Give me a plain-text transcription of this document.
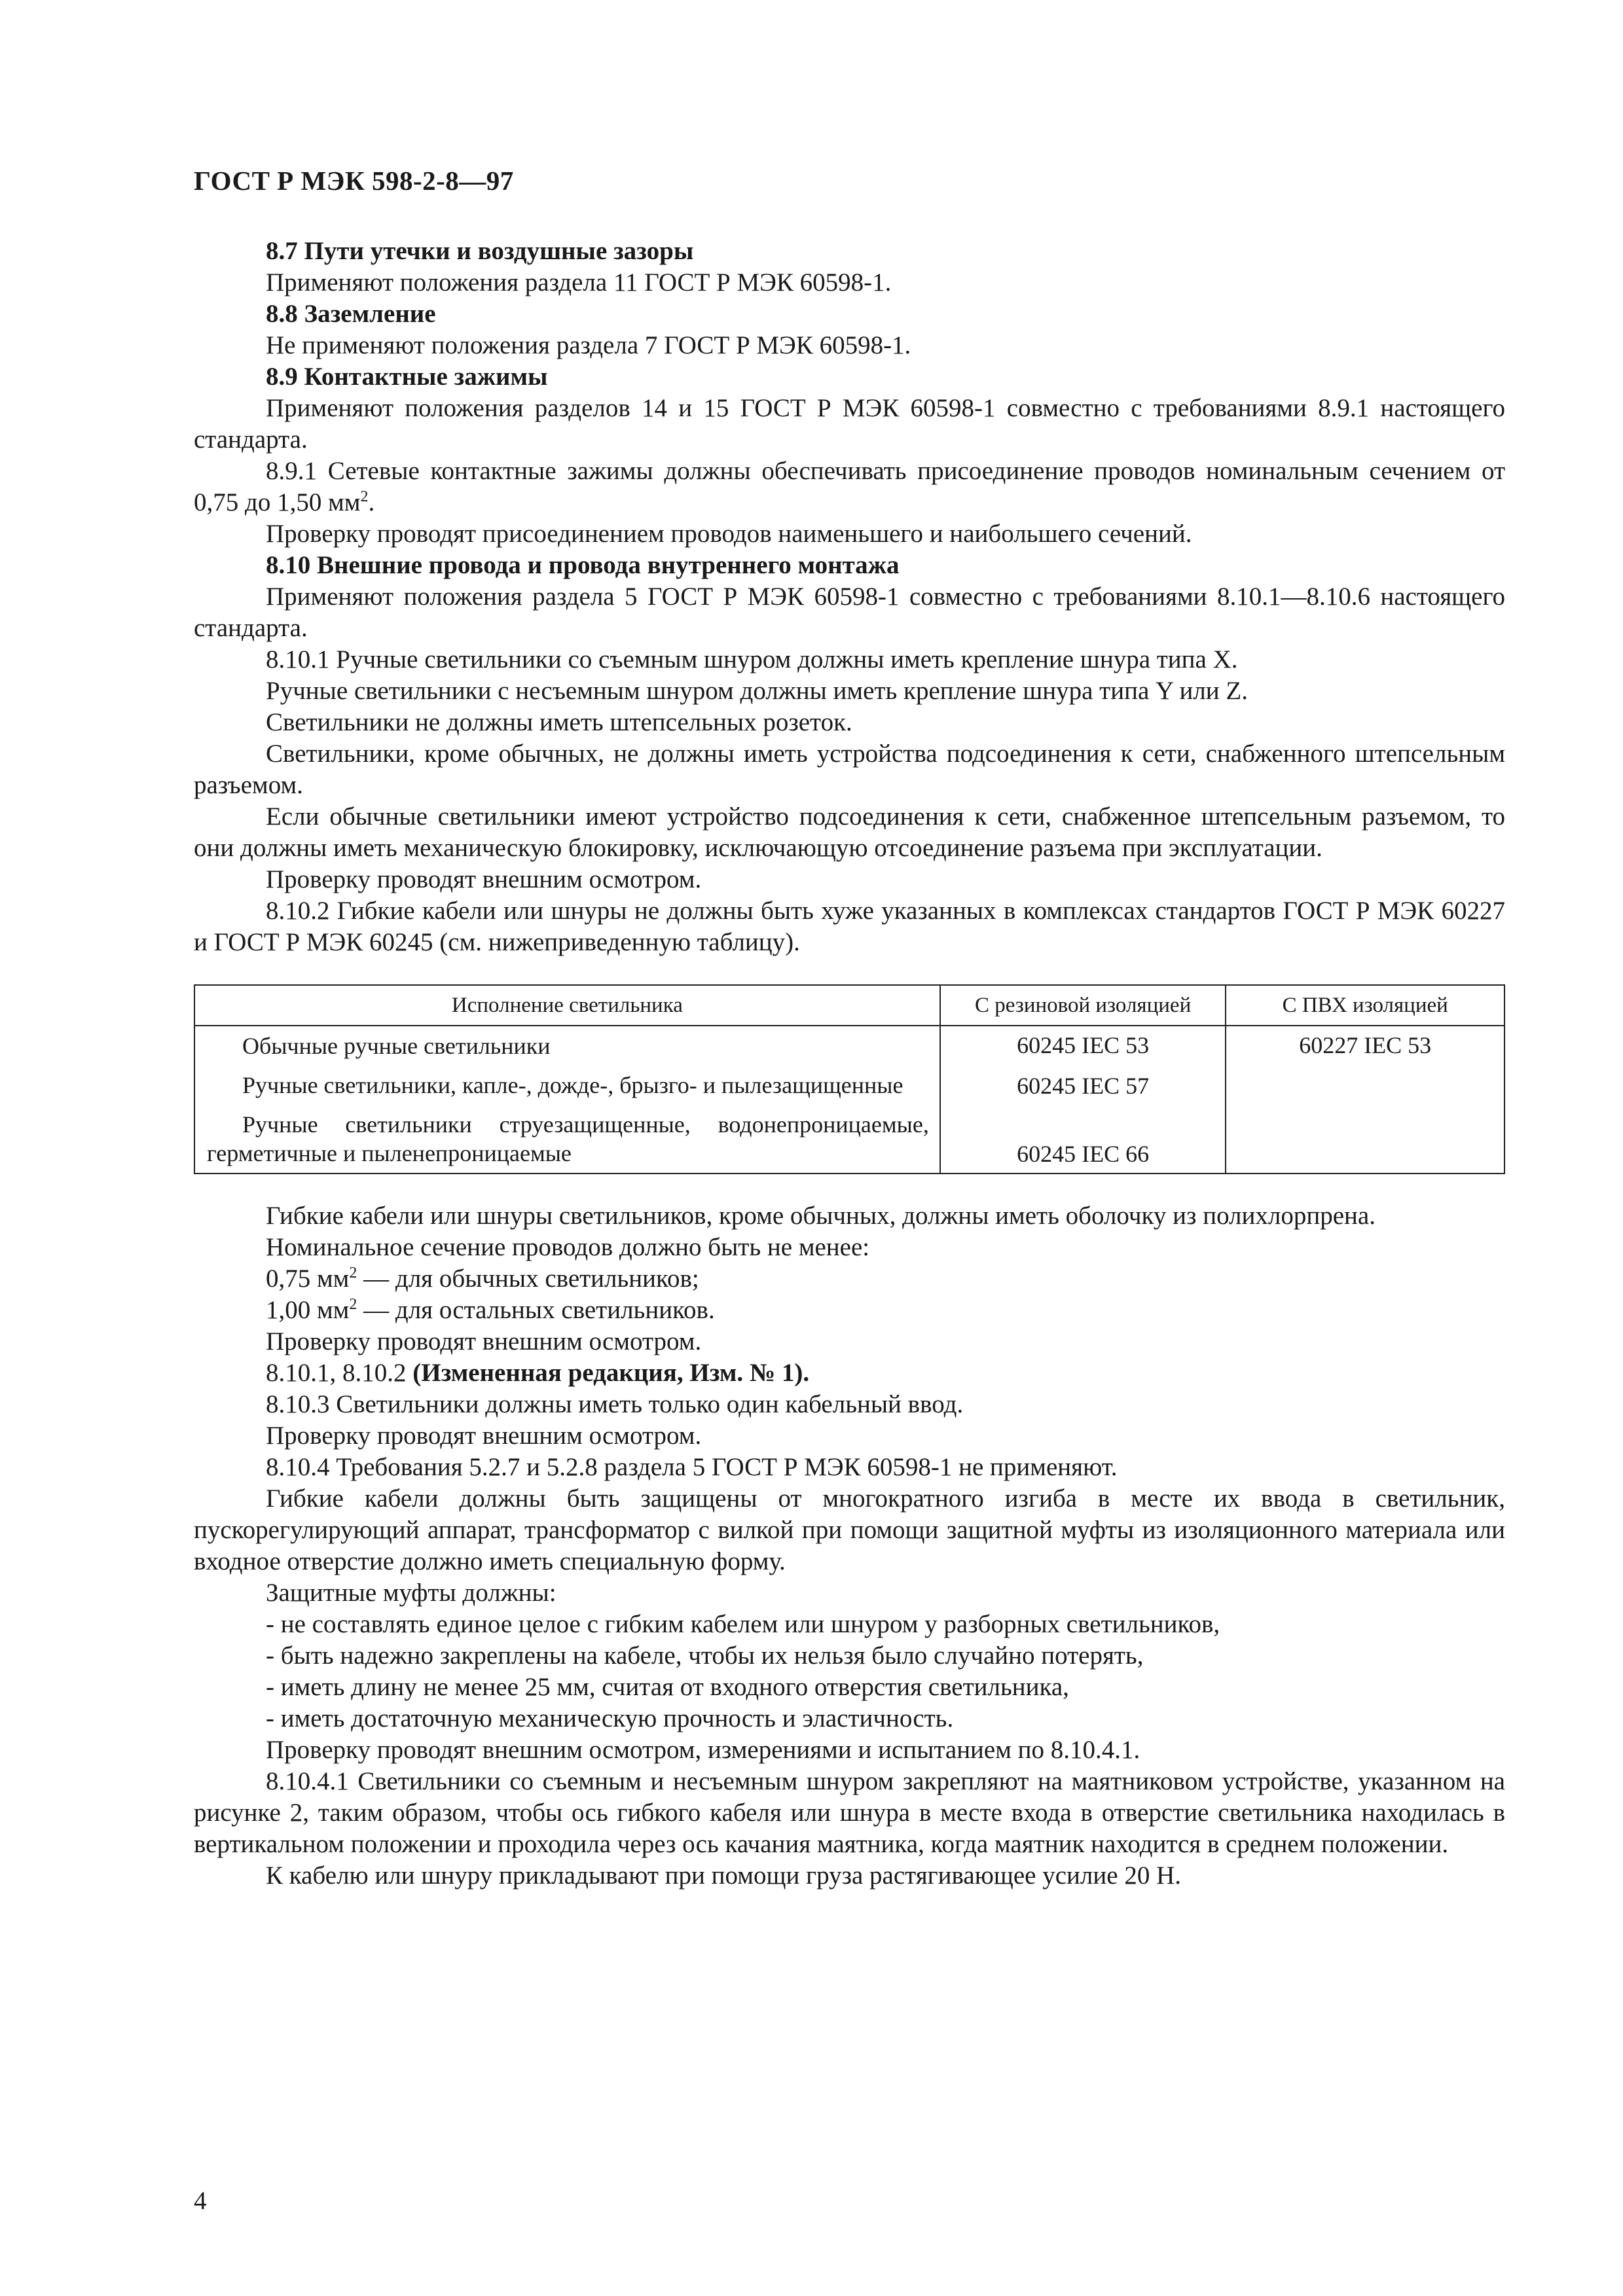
ГОСТ Р МЭК 598-2-8—97

8.7 Пути утечки и воздушные зазоры

Применяют положения раздела 11 ГОСТ Р МЭК 60598-1.

8.8 Заземление

Не применяют положения раздела 7 ГОСТ Р МЭК 60598-1.

8.9 Контактные зажимы

Применяют положения разделов 14 и 15 ГОСТ Р МЭК 60598-1 совместно с требованиями 8.9.1 настоящего стандарта.

8.9.1 Сетевые контактные зажимы должны обеспечивать присоединение проводов номинальным сечением от 0,75 до 1,50 $мм^2$.

Проверку проводят присоединением проводов наименьшего и наибольшего сечений.

8.10 Внешние провода и провода внутреннего монтажа

Применяют положения раздела 5 ГОСТ Р МЭК 60598-1 совместно с требованиями 8.10.1—8.10.6 настоящего стандарта.

8.10.1 Ручные светильники со съемным шнуром должны иметь крепление шнура типа X.

Ручные светильники с несъемным шнуром должны иметь крепление шнура типа Y или Z.

Светильники не должны иметь штепсельных розеток.

Светильники, кроме обычных, не должны иметь устройства подсоединения к сети, снабженного штепсельным разъемом.

Если обычные светильники имеют устройство подсоединения к сети, снабженное штепсельным разъемом, то они должны иметь механическую блокировку, исключающую отсоединение разъема при эксплуатации.

Проверку проводят внешним осмотром.

8.10.2 Гибкие кабели или шнуры не должны быть хуже указанных в комплексах стандартов ГОСТ Р МЭК 60227 и ГОСТ Р МЭК 60245 (см. нижеприведенную таблицу).

Исполнение светильника	С резиновой изоляцией	С ПВХ изоляцией

Обычные ручные светильники	60245 IEC 53	60227 IEC 53

Ручные светильники, капле-, дожде-, брызго- и пылезащищенные	60245 IEC 57	

Ручные светильники струезащищенные, водонепроницаемые, герметичные и пыленепроницаемые	60245 IEC 66	

Гибкие кабели или шнуры светильников, кроме обычных, должны иметь оболочку из полихлорпрена.

Номинальное сечение проводов должно быть не менее:

0,75 $мм^2$ — для обычных светильников;

1,00 $мм^2$ — для остальных светильников.

Проверку проводят внешним осмотром.

8.10.1, 8.10.2 (Измененная редакция, Изм. № 1).

8.10.3 Светильники должны иметь только один кабельный ввод.

Проверку проводят внешним осмотром.

8.10.4 Требования 5.2.7 и 5.2.8 раздела 5 ГОСТ Р МЭК 60598-1 не применяют.

Гибкие кабели должны быть защищены от многократного изгиба в месте их ввода в светильник, пускорегулирующий аппарат, трансформатор с вилкой при помощи защитной муфты из изоляционного материала или входное отверстие должно иметь специальную форму.

Защитные муфты должны:

- не составлять единое целое с гибким кабелем или шнуром у разборных светильников,

- быть надежно закреплены на кабеле, чтобы их нельзя было случайно потерять,

- иметь длину не менее 25 мм, считая от входного отверстия светильника,

- иметь достаточную механическую прочность и эластичность.

Проверку проводят внешним осмотром, измерениями и испытанием по 8.10.4.1.

8.10.4.1 Светильники со съемным и несъемным шнуром закрепляют на маятниковом устройстве, указанном на рисунке 2, таким образом, чтобы ось гибкого кабеля или шнура в месте входа в отверстие светильника находилась в вертикальном положении и проходила через ось качания маятника, когда маятник находится в среднем положении.

К кабелю или шнуру прикладывают при помощи груза растягивающее усилие 20 Н.

4
